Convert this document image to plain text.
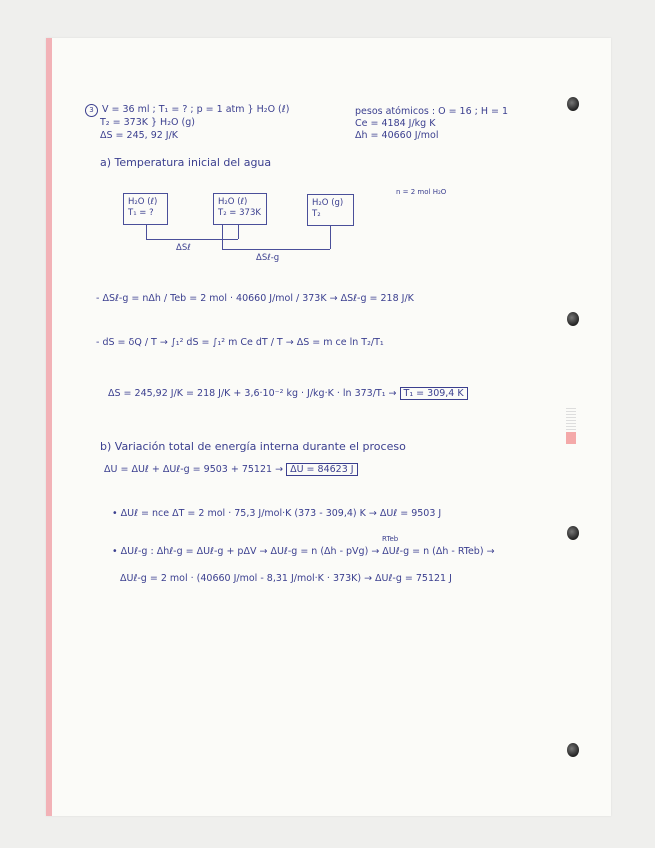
3 V = 36 ml ; T₁ = ? ; p = 1 atm } H₂O (ℓ)
T₂ = 373K } H₂O (g)
ΔS = 245, 92 J/K
pesos atómicos : O = 16 ; H = 1
Ce = 4184 J/kg K
Δh = 40660 J/mol
a) Temperatura inicial del agua
n = 2 mol H₂O
H₂O (ℓ)
T₁ = ?
H₂O (ℓ)
T₂ = 373K
H₂O (g)
T₂
ΔSℓ
ΔSℓ-g
- ΔSℓ-g = nΔh / Teb = 2 mol · 40660 J/mol / 373K → ΔSℓ-g = 218 J/K
- dS = δQ / T → ∫₁² dS = ∫₁² m Ce dT / T → ΔS = m ce ln T₂/T₁
ΔS = 245,92 J/K = 218 J/K + 3,6·10⁻² kg · J/kg·K · ln 373/T₁ → T₁ = 309,4 K
b) Variación total de energía interna durante el proceso
ΔU = ΔUℓ + ΔUℓ-g = 9503 + 75121 → ΔU = 84623 J
• ΔUℓ = nce ΔT = 2 mol · 75,3 J/mol·K (373 - 309,4) K → ΔUℓ = 9503 J
RTeb
• ΔUℓ-g : Δhℓ-g = ΔUℓ-g + pΔV → ΔUℓ-g = n (Δh - pVg) → ΔUℓ-g = n (Δh - RTeb) →
ΔUℓ-g = 2 mol · (40660 J/mol - 8,31 J/mol·K · 373K) → ΔUℓ-g = 75121 J
